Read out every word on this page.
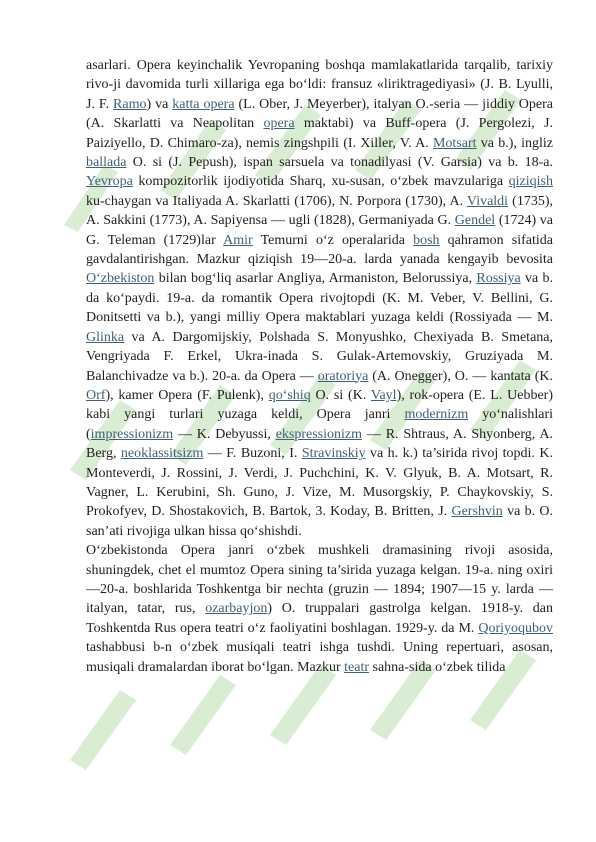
asarlari. Opera keyinchalik Yevropaning boshqa mamlakatlarida tarqalib, tarixiy rivo-ji davomida turli xillariga ega bo‘ldi: fransuz «liriktragediyasi» (J. B. Lyulli, J. F. Ramo) va katta opera (L. Ober, J. Meyerber), italyan O.-seria — jiddiy Opera (A. Skarlatti va Neapolitan opera maktabi) va Buff-opera (J. Pergolezi, J. Paiziyello, D. Chimaro-za), nemis zingshpili (I. Xiller, V. A. Motsart va b.), ingliz ballada O. si (J. Pepush), ispan sarsuela va tonadilyasi (V. Garsia) va b. 18-a. Yevropa kompozitorlik ijodiyotida Sharq, xu-susan, o‘zbek mavzulariga qiziqish ku-chaygan va Italiyada A. Skarlatti (1706), N. Porpora (1730), A. Vivaldi (1735), A. Sakkini (1773), A. Sapiyensa — ugli (1828), Germaniyada G. Gendel (1724) va G. Teleman (1729)lar Amir Temurni o‘z operalarida bosh qahramon sifatida gavdalantirishgan. Mazkur qiziqish 19—20-a. larda yanada kengayib bevosita O‘zbekiston bilan bog‘liq asarlar Angliya, Armaniston, Belorussiya, Rossiya va b. da ko‘paydi. 19-a. da romantik Opera rivojtopdi (K. M. Veber, V. Bellini, G. Donitsetti va b.), yangi milliy Opera maktablari yuzaga keldi (Rossiyada — M. Glinka va A. Dargomijskiy, Polshada S. Monyushko, Chexiyada B. Smetana, Vengriyada F. Erkel, Ukra-inada S. Gulak-Artemovskiy, Gruziyada M. Balanchivadze va b.). 20-a. da Opera — oratoriya (A. Onegger), O. — kantata (K. Orf), kamer Opera (F. Pulenk), qo‘shiq O. si (K. Vayl), rok-opera (E. L. Uebber) kabi yangi turlari yuzaga keldi, Opera janri modernizm yo‘nalishlari (impressionizm — K. Debyussi, ekspressionizm — R. Shtraus, A. Shyonberg, A. Berg, neoklassitsizm — F. Buzoni, I. Stravinskiy va h. k.) ta’sirida rivoj topdi. K. Monteverdi, J. Rossini, J. Verdi, J. Puchchini, K. V. Glyuk, B. A. Motsart, R. Vagner, L. Kerubini, Sh. Guno, J. Vize, M. Musorgskiy, P. Chaykovskiy, S. Prokofyev, D. Shostakovich, B. Bartok, 3. Koday, B. Britten, J. Gershvin va b. O. san’ati rivojiga ulkan hissa qo‘shishdi.

O‘zbekistonda Opera janri o‘zbek mushkeli dramasining rivoji asosida, shuningdek, chet el mumtoz Opera sining ta’sirida yuzaga kelgan. 19-a. ning oxiri—20-a. boshlarida Toshkentga bir nechta (gruzin — 1894; 1907—15 y. larda — italyan, tatar, rus, ozarbayjon) O. truppalari gastrolga kelgan. 1918-y. dan Toshkentda Rus opera teatri o‘z faoliyatini boshlagan. 1929-y. da M. Qoriyoqubov tashabbusi b-n o‘zbek musiqali teatri ishga tushdi. Uning repertuari, asosan, musiqali dramalardan iborat bo‘lgan. Mazkur teatr sahna-sida o‘zbek tilida
